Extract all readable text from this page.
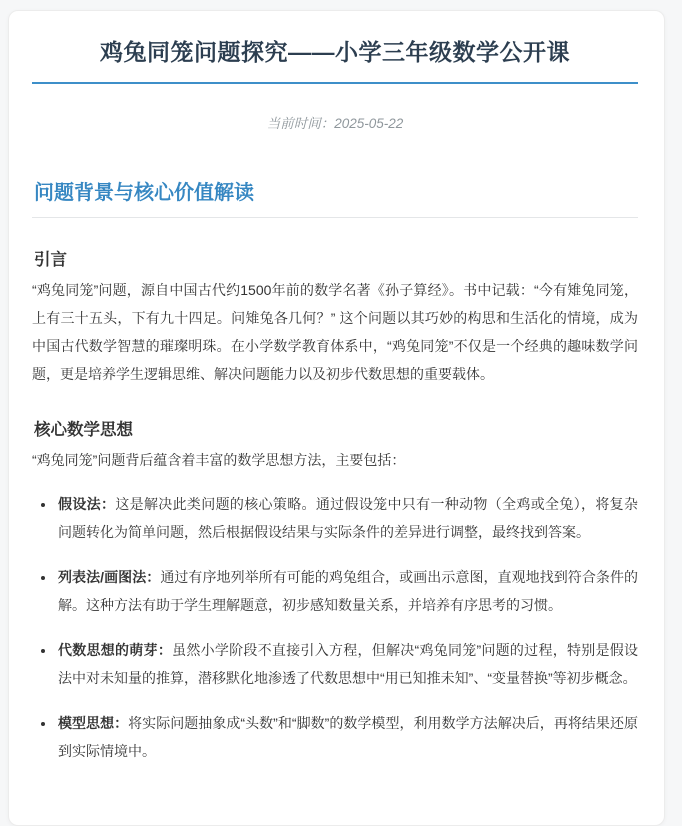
鸡兔同笼问题探究——小学三年级数学公开课

当前时间：2025-05-22

问题背景与核心价值解读
引言

“鸡兔同笼”问题，源自中国古代约1500年前的数学名著《孙子算经》。书中记载：“今有雉兔同笼，上有三十五头，下有九十四足。问雉兔各几何？” 这个问题以其巧妙的构思和生活化的情境，成为中国古代数学智慧的璀璨明珠。在小学数学教育体系中，“鸡兔同笼”不仅是一个经典的趣味数学问题，更是培养学生逻辑思维、解决问题能力以及初步代数思想的重要载体。

核心数学思想

“鸡兔同笼”问题背后蕴含着丰富的数学思想方法，主要包括：

• 假设法：这是解决此类问题的核心策略。通过假设笼中只有一种动物（全鸡或全兔），将复杂问题转化为简单问题，然后根据假设结果与实际条件的差异进行调整，最终找到答案。
• 列表法/画图法：通过有序地列举所有可能的鸡兔组合，或画出示意图，直观地找到符合条件的解。这种方法有助于学生理解题意，初步感知数量关系，并培养有序思考的习惯。
• 代数思想的萌芽：虽然小学阶段不直接引入方程，但解决“鸡兔同笼”问题的过程，特别是假设法中对未知量的推算，潜移默化地渗透了代数思想中“用已知推未知”、“变量替换”等初步概念。
• 模型思想：将实际问题抽象成“头数”和“脚数”的数学模型，利用数学方法解决后，再将结果还原到实际情境中。
